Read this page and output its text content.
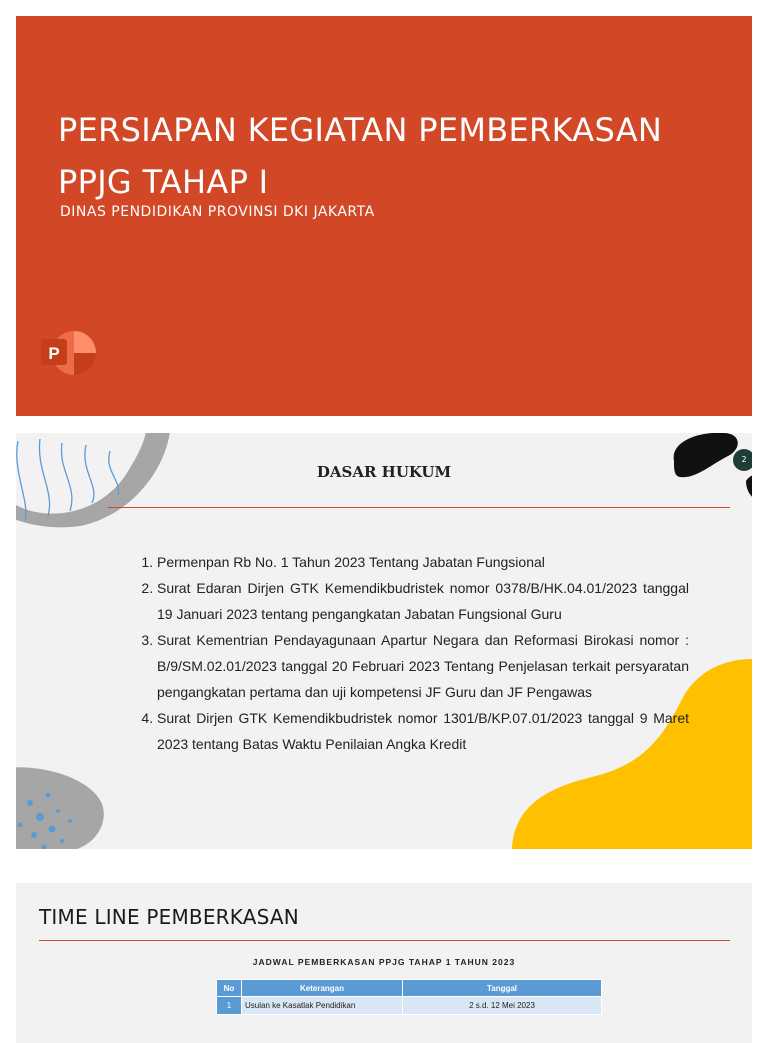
PERSIAPAN KEGIATAN PEMBERKASAN
PPJG TAHAP I
DINAS PENDIDIKAN PROVINSI DKI JAKARTA
P
2
DASAR HUKUM
1. Permenpan Rb No. 1 Tahun 2023 Tentang Jabatan Fungsional
2. Surat Edaran Dirjen GTK Kemendikbudristek nomor 0378/B/HK.04.01/2023 tanggal 19 Januari 2023 tentang pengangkatan Jabatan Fungsional Guru
3. Surat Kementrian Pendayagunaan Apartur Negara dan Reformasi Birokasi nomor : B/9/SM.02.01/2023 tanggal 20 Februari 2023 Tentang Penjelasan terkait persyaratan pengangkatan pertama dan uji kompetensi JF Guru dan JF Pengawas
4. Surat Dirjen GTK Kemendikbudristek nomor 1301/B/KP.07.01/2023 tanggal 9 Maret 2023 tentang Batas Waktu Penilaian Angka Kredit
TIME LINE PEMBERKASAN
JADWAL PEMBERKASAN PPJG TAHAP 1 TAHUN 2023
No	Keterangan	Tanggal
1	Usulan ke Kasatlak Pendidikan	2 s.d. 12 Mei 2023
